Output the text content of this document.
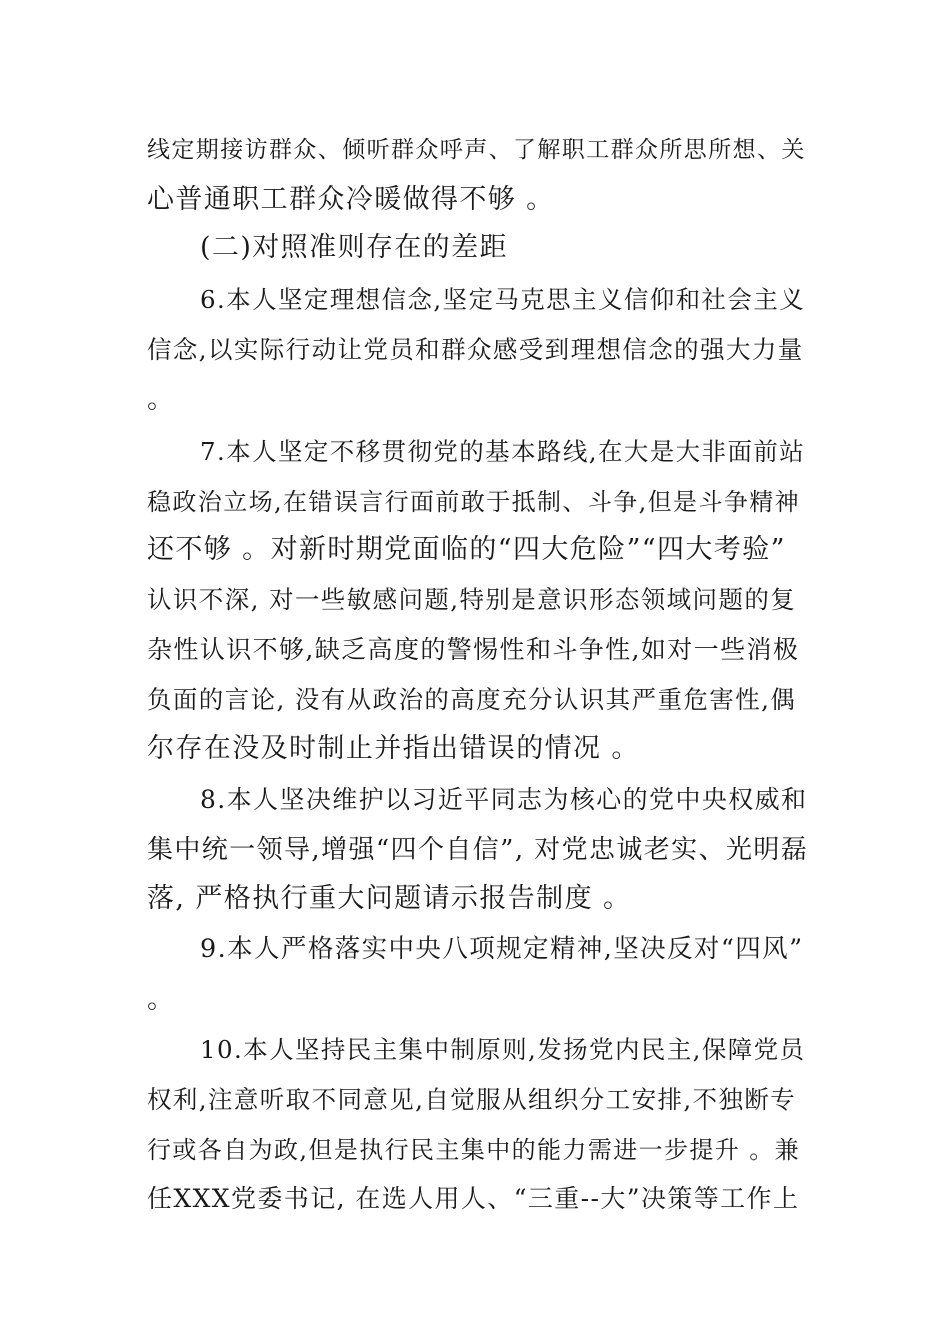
线定期接访群众、倾听群众呼声、了解职工群众所思所想、关
心普通职工群众冷暖做得不够 。
(二)对照准则存在的差距
6.本人坚定理想信念,坚定马克思主义信仰和社会主义
信念,以实际行动让党员和群众感受到理想信念的强大力量
。
7.本人坚定不移贯彻党的基本路线,在大是大非面前站
稳政治立场,在错误言行面前敢于抵制、斗争,但是斗争精神
还不够 。对新时期党面临的“四大危险”“四大考验”
认识不深, 对一些敏感问题,特别是意识形态领域问题的复
杂性认识不够,缺乏高度的警惕性和斗争性,如对一些消极
负面的言论, 没有从政治的高度充分认识其严重危害性,偶
尔存在没及时制止并指出错误的情况 。
8.本人坚决维护以习近平同志为核心的党中央权威和
集中统一领导,增强“四个自信”, 对党忠诚老实、光明磊
落, 严格执行重大问题请示报告制度 。
9.本人严格落实中央八项规定精神,坚决反对“四风”
。
10.本人坚持民主集中制原则,发扬党内民主,保障党员
权利,注意听取不同意见,自觉服从组织分工安排,不独断专
行或各自为政,但是执行民主集中的能力需进一步提升 。兼
任XXX党委书记, 在选人用人、“三重--大”决策等工作上
